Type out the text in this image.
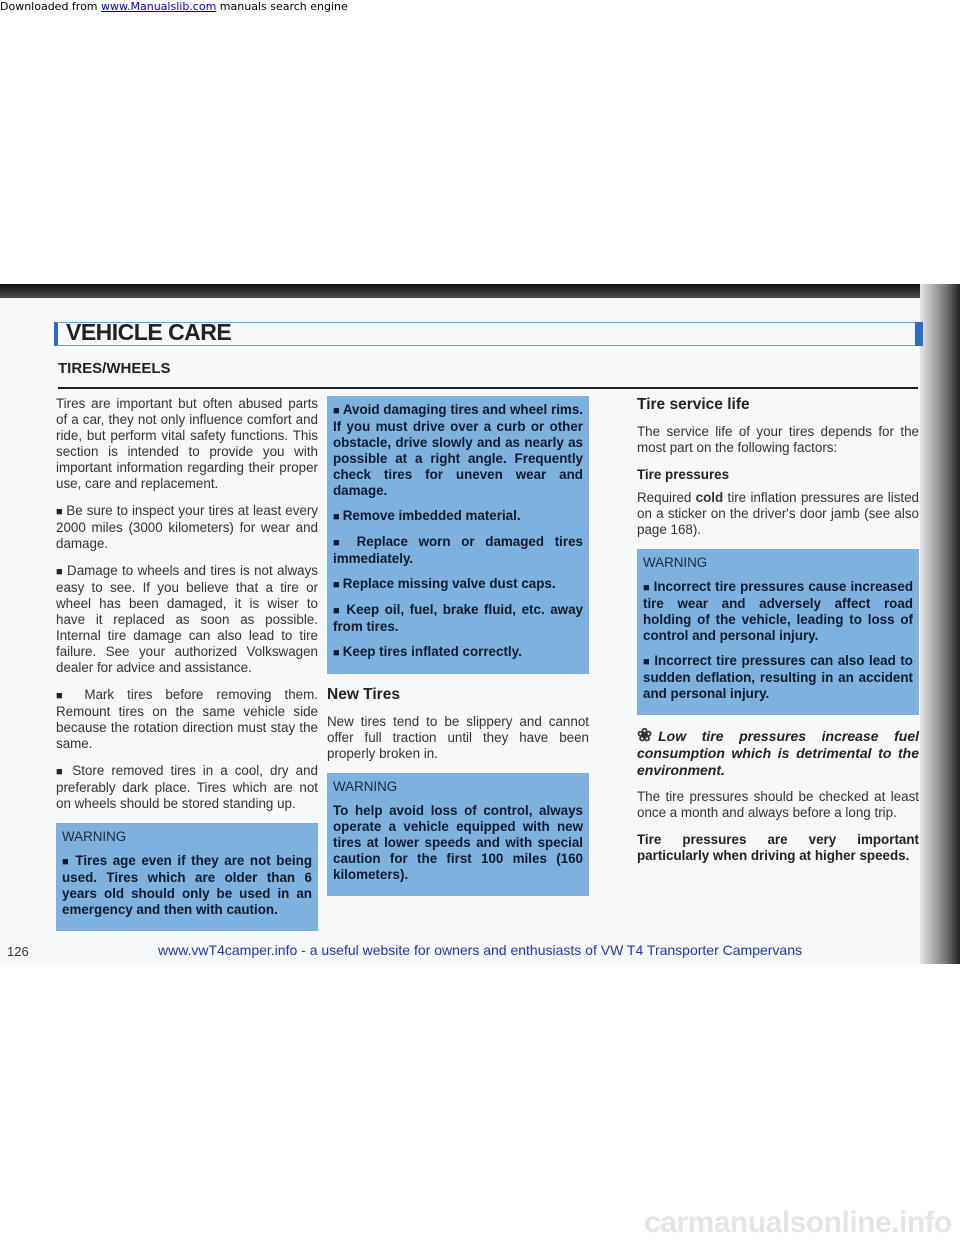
Downloaded from www.Manualslib.com manuals search engine
VEHICLE CARE
TIRES/WHEELS

Tires are important but often abused parts of a car, they not only influence comfort and ride, but perform vital safety functions. This section is intended to provide you with important information regarding their proper use, care and replacement.

■ Be sure to inspect your tires at least every 2000 miles (3000 kilometers) for wear and damage.

■ Damage to wheels and tires is not always easy to see. If you believe that a tire or wheel has been damaged, it is wiser to have it replaced as soon as possible. Internal tire damage can also lead to tire failure. See your authorized Volkswagen dealer for advice and assistance.

■ Mark tires before removing them. Remount tires on the same vehicle side because the rotation direction must stay the same.

■ Store removed tires in a cool, dry and preferably dark place. Tires which are not on wheels should be stored standing up.

WARNING

■ Tires age even if they are not being used. Tires which are older than 6 years old should only be used in an emergency and then with caution.

■ Avoid damaging tires and wheel rims. If you must drive over a curb or other obstacle, drive slowly and as nearly as possible at a right angle. Frequently check tires for uneven wear and damage.

■ Remove imbedded material.

■ Replace worn or damaged tires immediately.

■ Replace missing valve dust caps.

■ Keep oil, fuel, brake fluid, etc. away from tires.

■ Keep tires inflated correctly.

New Tires

New tires tend to be slippery and cannot offer full traction until they have been properly broken in.

WARNING

To help avoid loss of control, always operate a vehicle equipped with new tires at lower speeds and with special caution for the first 100 miles (160 kilometers).

Tire service life

The service life of your tires depends for the most part on the following factors:

Tire pressures

Required cold tire inflation pressures are listed on a sticker on the driver's door jamb (see also page 168).

WARNING

■ Incorrect tire pressures cause increased tire wear and adversely affect road holding of the vehicle, leading to loss of control and personal injury.

■ Incorrect tire pressures can also lead to sudden deflation, resulting in an accident and personal injury.

❀ Low tire pressures increase fuel consumption which is detrimental to the environment.

The tire pressures should be checked at least once a month and always before a long trip.

Tire pressures are very important particularly when driving at higher speeds.

126	www.vwT4camper.info - a useful website for owners and enthusiasts of VW T4 Transporter Campervans
carmanualsonline.info
